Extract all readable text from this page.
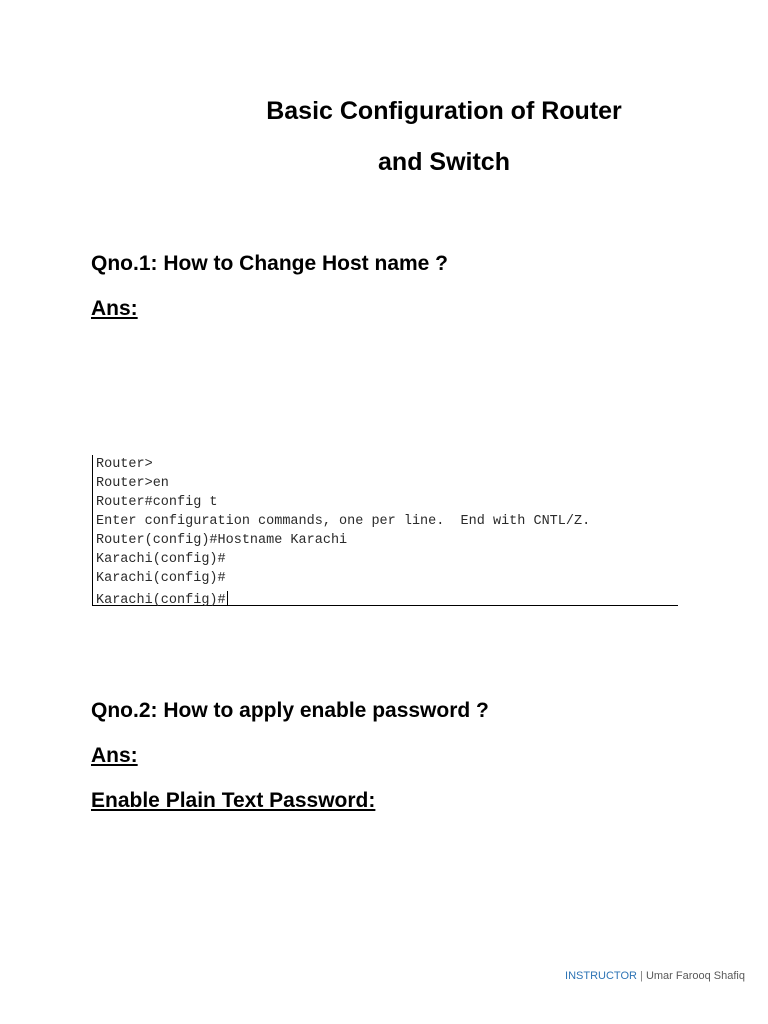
Basic Configuration of Router
and Switch
Qno.1: How to Change Host name ?
Ans:
Router>
Router>en
Router#config t
Enter configuration commands, one per line.  End with CNTL/Z.
Router(config)#Hostname Karachi
Karachi(config)#
Karachi(config)#
Karachi(config)#
Qno.2: How to apply enable password ?
Ans:
Enable Plain Text Password:
INSTRUCTOR | Umar Farooq Shafiq
